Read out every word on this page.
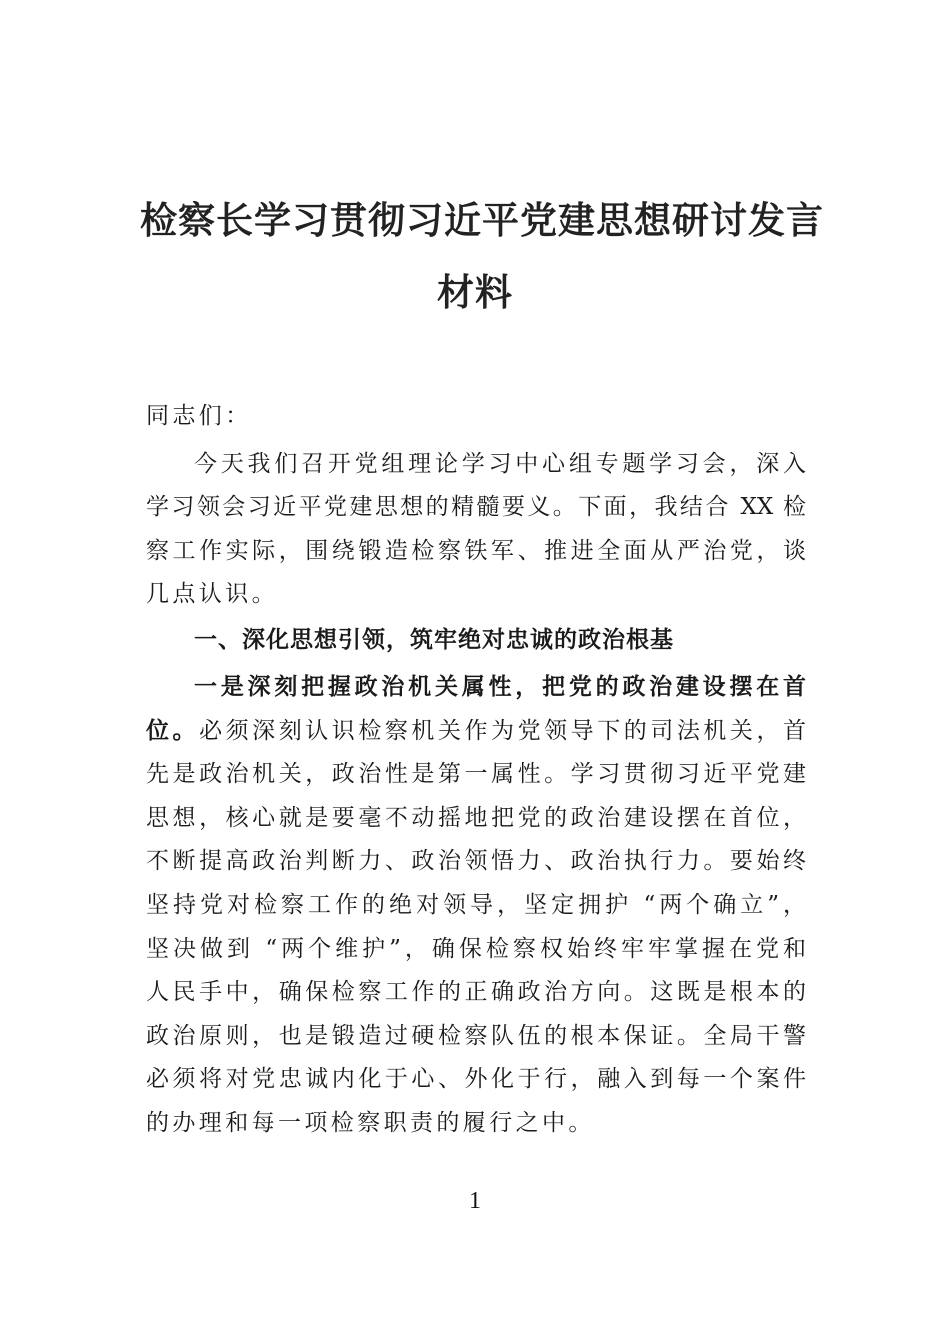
检察长学习贯彻习近平党建思想研讨发言
材料
同志们：
今天我们召开党组理论学习中心组专题学习会，深入
学习领会习近平党建思想的精髓要义。下面，我结合 XX 检
察工作实际，围绕锻造检察铁军、推进全面从严治党，谈
几点认识。
一、深化思想引领，筑牢绝对忠诚的政治根基
一是深刻把握政治机关属性，把党的政治建设摆在首
位。必须深刻认识检察机关作为党领导下的司法机关，首
先是政治机关，政治性是第一属性。学习贯彻习近平党建
思想，核心就是要毫不动摇地把党的政治建设摆在首位，
不断提高政治判断力、政治领悟力、政治执行力。要始终
坚持党对检察工作的绝对领导，坚定拥护 “两个确立”，
坚决做到 “两个维护”，确保检察权始终牢牢掌握在党和
人民手中，确保检察工作的正确政治方向。这既是根本的
政治原则，也是锻造过硬检察队伍的根本保证。全局干警
必须将对党忠诚内化于心、外化于行，融入到每一个案件
的办理和每一项检察职责的履行之中。
1
